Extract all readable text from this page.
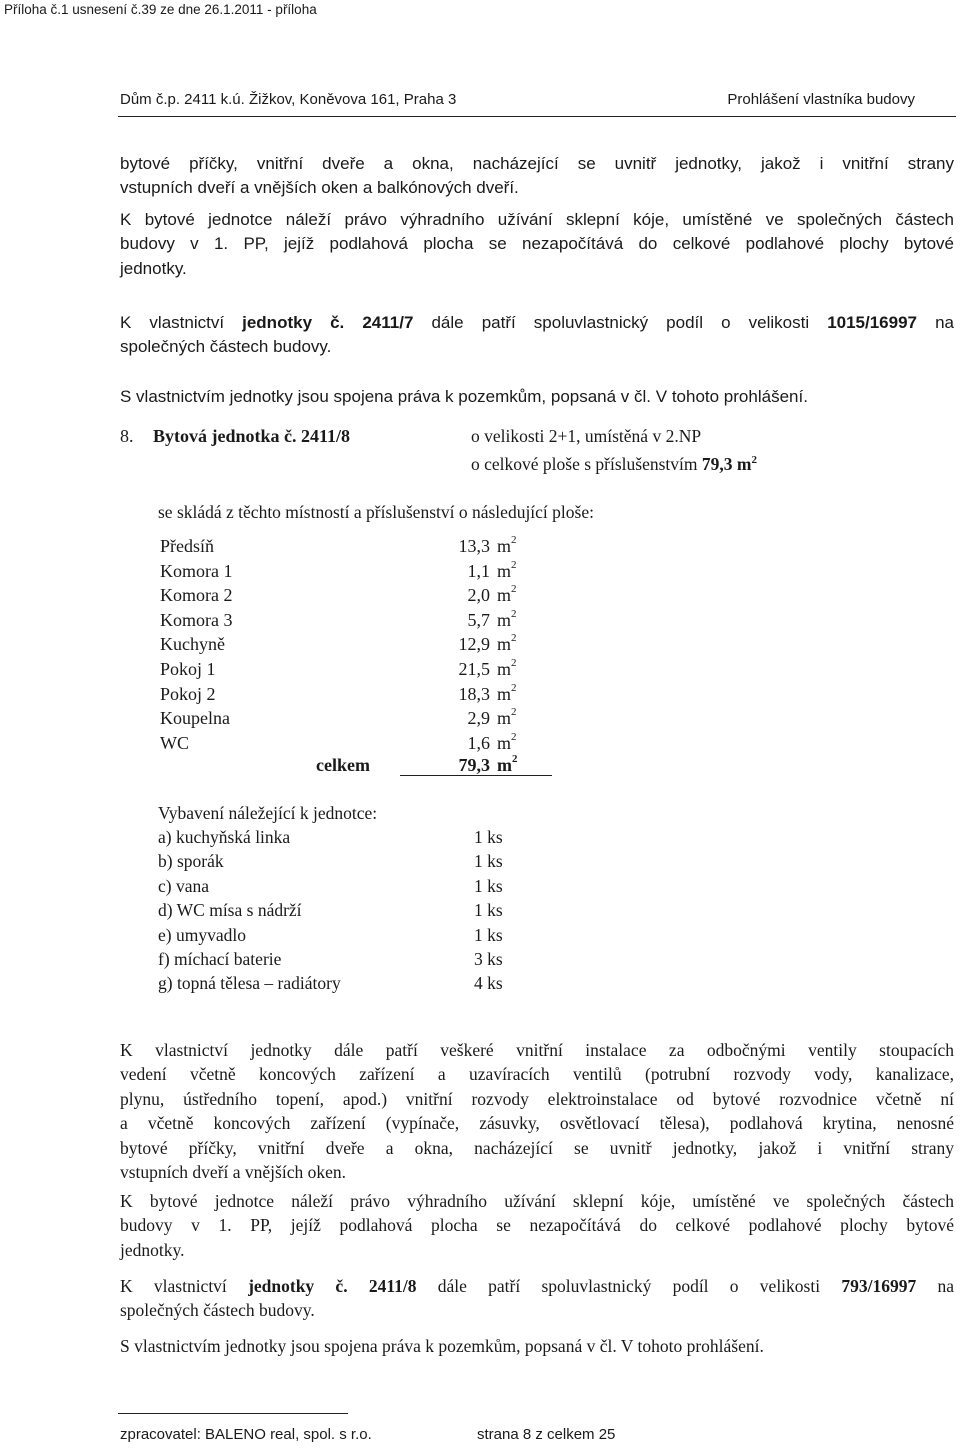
Příloha č.1 usnesení č.39 ze dne 26.1.2011 - příloha
Dům č.p. 2411 k.ú. Žižkov, Koněvova 161, Praha 3	Prohlášení vlastníka budovy
bytové příčky, vnitřní dveře a okna, nacházející se uvnitř jednotky, jakož i vnitřní strany
vstupních dveří a vnějších oken a balkónových dveří.
K bytové jednotce náleží právo výhradního užívání sklepní kóje, umístěné ve společných částech
budovy v 1. PP, jejíž podlahová plocha se nezapočítává do celkové podlahové plochy bytové
jednotky.
K vlastnictví jednotky č. 2411/7 dále patří spoluvlastnický podíl o velikosti 1015/16997 na
společných částech budovy.
S vlastnictvím jednotky jsou spojena práva k pozemkům, popsaná v čl. V tohoto prohlášení.
8. Bytová jednotka č. 2411/8	o velikosti 2+1, umístěná v 2.NP
o celkové ploše s příslušenstvím 79,3 $m^2$
se skládá z těchto místností a příslušenství o následující ploše:
Předsíň	13,3 $m^2$
Komora 1	1,1 $m^2$
Komora 2	2,0 $m^2$
Komora 3	5,7 $m^2$
Kuchyně	12,9 $m^2$
Pokoj 1	21,5 $m^2$
Pokoj 2	18,3 $m^2$
Koupelna	2,9 $m^2$
WC	1,6 $m^2$
celkem	79,3 $m^2$
Vybavení náležející k jednotce:
a) kuchyňská linka	1 ks
b) sporák	1 ks
c) vana	1 ks
d) WC mísa s nádrží	1 ks
e) umyvadlo	1 ks
f) míchací baterie	3 ks
g) topná tělesa – radiátory	4 ks
K vlastnictví jednotky dále patří veškeré vnitřní instalace za odbočnými ventily stoupacích
vedení včetně koncových zařízení a uzavíracích ventilů (potrubní rozvody vody, kanalizace,
plynu, ústředního topení, apod.) vnitřní rozvody elektroinstalace od bytové rozvodnice včetně ní
a včetně koncových zařízení (vypínače, zásuvky, osvětlovací tělesa), podlahová krytina, nenosné
bytové příčky, vnitřní dveře a okna, nacházející se uvnitř jednotky, jakož i vnitřní strany
vstupních dveří a vnějších oken.
K bytové jednotce náleží právo výhradního užívání sklepní kóje, umístěné ve společných částech
budovy v 1. PP, jejíž podlahová plocha se nezapočítává do celkové podlahové plochy bytové
jednotky.
K vlastnictví jednotky č. 2411/8 dále patří spoluvlastnický podíl o velikosti 793/16997 na
společných částech budovy.
S vlastnictvím jednotky jsou spojena práva k pozemkům, popsaná v čl. V tohoto prohlášení.
zpracovatel: BALENO real, spol. s r.o.	strana 8 z celkem 25
